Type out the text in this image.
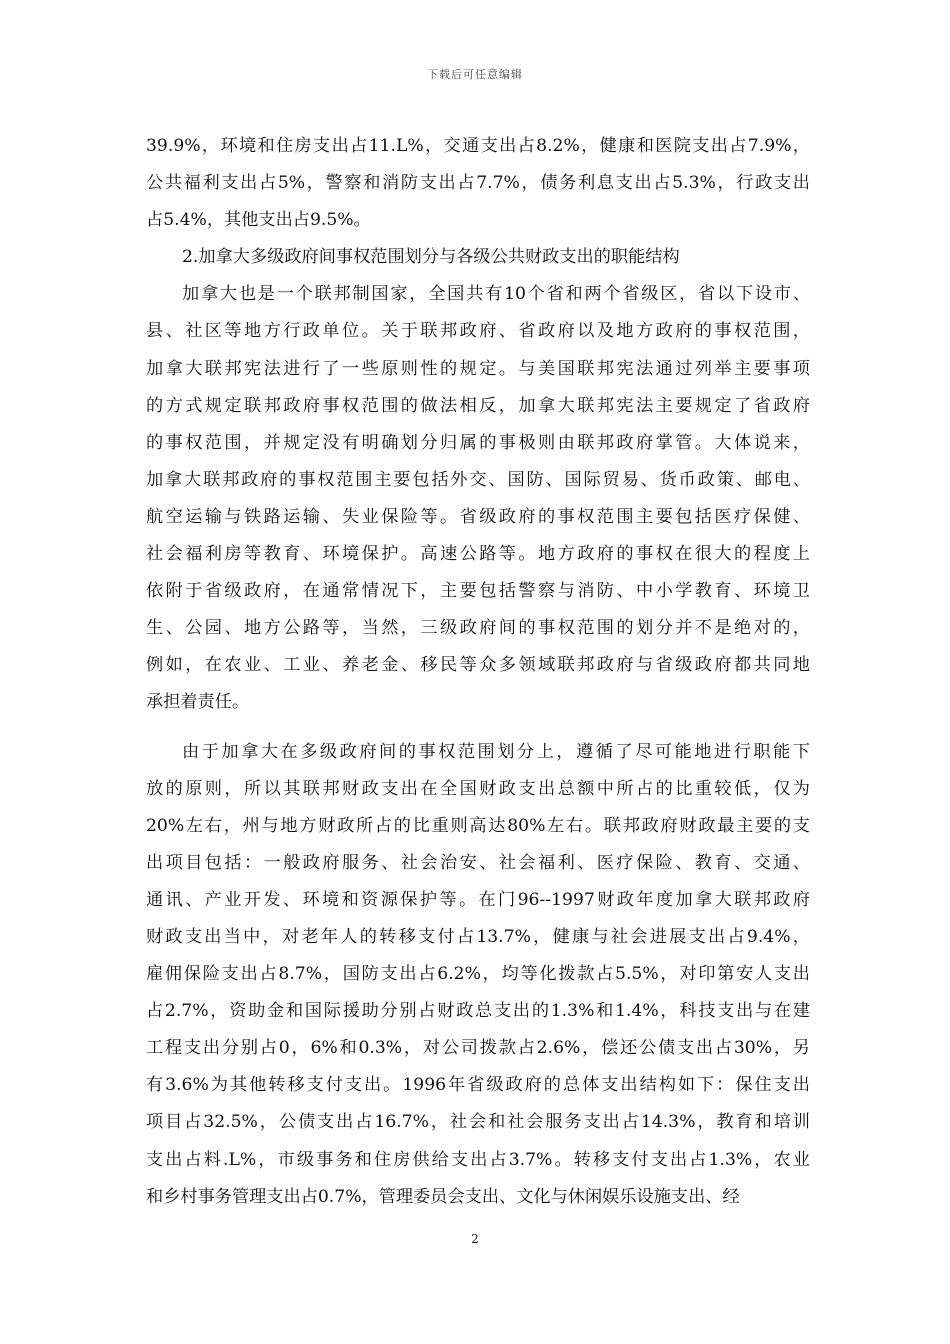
下载后可任意编辑
39.9%，环境和住房支出占11.L%，交通支出占8.2%，健康和医院支出占7.9%，
公共福利支出占5%，警察和消防支出占7.7%，债务利息支出占5.3%，行政支出
占5.4%，其他支出占9.5%。
2.加拿大多级政府间事权范围划分与各级公共财政支出的职能结构
加拿大也是一个联邦制国家，全国共有10个省和两个省级区，省以下设市、
县、社区等地方行政单位。关于联邦政府、省政府以及地方政府的事权范围，
加拿大联邦宪法进行了一些原则性的规定。与美国联邦宪法通过列举主要事项
的方式规定联邦政府事权范围的做法相反，加拿大联邦宪法主要规定了省政府
的事权范围，并规定没有明确划分归属的事极则由联邦政府掌管。大体说来，
加拿大联邦政府的事权范围主要包括外交、国防、国际贸易、货币政策、邮电、
航空运输与铁路运输、失业保险等。省级政府的事权范围主要包括医疗保健、
社会福利房等教育、环境保护。高速公路等。地方政府的事权在很大的程度上
依附于省级政府，在通常情况下，主要包括警察与消防、中小学教育、环境卫
生、公园、地方公路等，当然，三级政府间的事权范围的划分并不是绝对的，
例如，在农业、工业、养老金、移民等众多领域联邦政府与省级政府都共同地
承担着责任。
由于加拿大在多级政府间的事权范围划分上，遵循了尽可能地进行职能下
放的原则，所以其联邦财政支出在全国财政支出总额中所占的比重较低，仅为
20%左右，州与地方财政所占的比重则高达80%左右。联邦政府财政最主要的支
出项目包括：一般政府服务、社会治安、社会福利、医疗保险、教育、交通、
通讯、产业开发、环境和资源保护等。在门96--1997财政年度加拿大联邦政府
财政支出当中，对老年人的转移支付占13.7%，健康与社会进展支出占9.4%，
雇佣保险支出占8.7%，国防支出占6.2%，均等化拨款占5.5%，对印第安人支出
占2.7%，资助金和国际援助分别占财政总支出的1.3%和1.4%，科技支出与在建
工程支出分别占0，6%和0.3%，对公司拨款占2.6%，偿还公债支出占30%，另
有3.6%为其他转移支付支出。1996年省级政府的总体支出结构如下：保住支出
项目占32.5%，公债支出占16.7%，社会和社会服务支出占14.3%，教育和培训
支出占料.L%，市级事务和住房供给支出占3.7%。转移支付支出占1.3%，农业
和乡村事务管理支出占0.7%，管理委员会支出、文化与休闲娱乐设施支出、经
2
